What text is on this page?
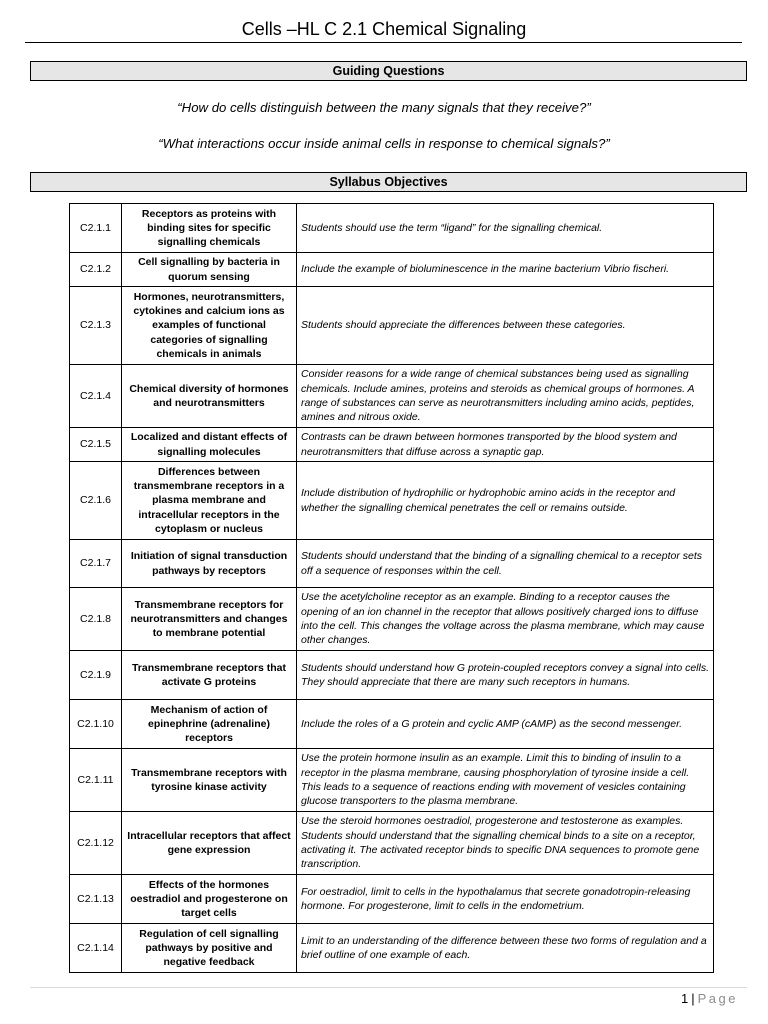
Cells –HL C 2.1 Chemical Signaling
Guiding Questions
“How do cells distinguish between the many signals that they receive?”
“What interactions occur inside animal cells in response to chemical signals?”
Syllabus Objectives
C2.1.1	Receptors as proteins with binding sites for specific signalling chemicals	Students should use the term “ligand” for the signalling chemical.
C2.1.2	Cell signalling by bacteria in quorum sensing	Include the example of bioluminescence in the marine bacterium Vibrio fischeri.
C2.1.3	Hormones, neurotransmitters, cytokines and calcium ions as examples of functional categories of signalling chemicals in animals	Students should appreciate the differences between these categories.
C2.1.4	Chemical diversity of hormones and neurotransmitters	Consider reasons for a wide range of chemical substances being used as signalling chemicals. Include amines, proteins and steroids as chemical groups of hormones. A range of substances can serve as neurotransmitters including amino acids, peptides, amines and nitrous oxide.
C2.1.5	Localized and distant effects of signalling molecules	Contrasts can be drawn between hormones transported by the blood system and neurotransmitters that diffuse across a synaptic gap.
C2.1.6	Differences between transmembrane receptors in a plasma membrane and intracellular receptors in the cytoplasm or nucleus	Include distribution of hydrophilic or hydrophobic amino acids in the receptor and whether the signalling chemical penetrates the cell or remains outside.
C2.1.7	Initiation of signal transduction pathways by receptors	Students should understand that the binding of a signalling chemical to a receptor sets off a sequence of responses within the cell.
C2.1.8	Transmembrane receptors for neurotransmitters and changes to membrane potential	Use the acetylcholine receptor as an example. Binding to a receptor causes the opening of an ion channel in the receptor that allows positively charged ions to diffuse into the cell. This changes the voltage across the plasma membrane, which may cause other changes.
C2.1.9	Transmembrane receptors that activate G proteins	Students should understand how G protein-coupled receptors convey a signal into cells. They should appreciate that there are many such receptors in humans.
C2.1.10	Mechanism of action of epinephrine (adrenaline) receptors	Include the roles of a G protein and cyclic AMP (cAMP) as the second messenger.
C2.1.11	Transmembrane receptors with tyrosine kinase activity	Use the protein hormone insulin as an example. Limit this to binding of insulin to a receptor in the plasma membrane, causing phosphorylation of tyrosine inside a cell. This leads to a sequence of reactions ending with movement of vesicles containing glucose transporters to the plasma membrane.
C2.1.12	Intracellular receptors that affect gene expression	Use the steroid hormones oestradiol, progesterone and testosterone as examples. Students should understand that the signalling chemical binds to a site on a receptor, activating it. The activated receptor binds to specific DNA sequences to promote gene transcription.
C2.1.13	Effects of the hormones oestradiol and progesterone on target cells	For oestradiol, limit to cells in the hypothalamus that secrete gonadotropin-releasing hormone. For progesterone, limit to cells in the endometrium.
C2.1.14	Regulation of cell signalling pathways by positive and negative feedback	Limit to an understanding of the difference between these two forms of regulation and a brief outline of one example of each.
1 | Page
